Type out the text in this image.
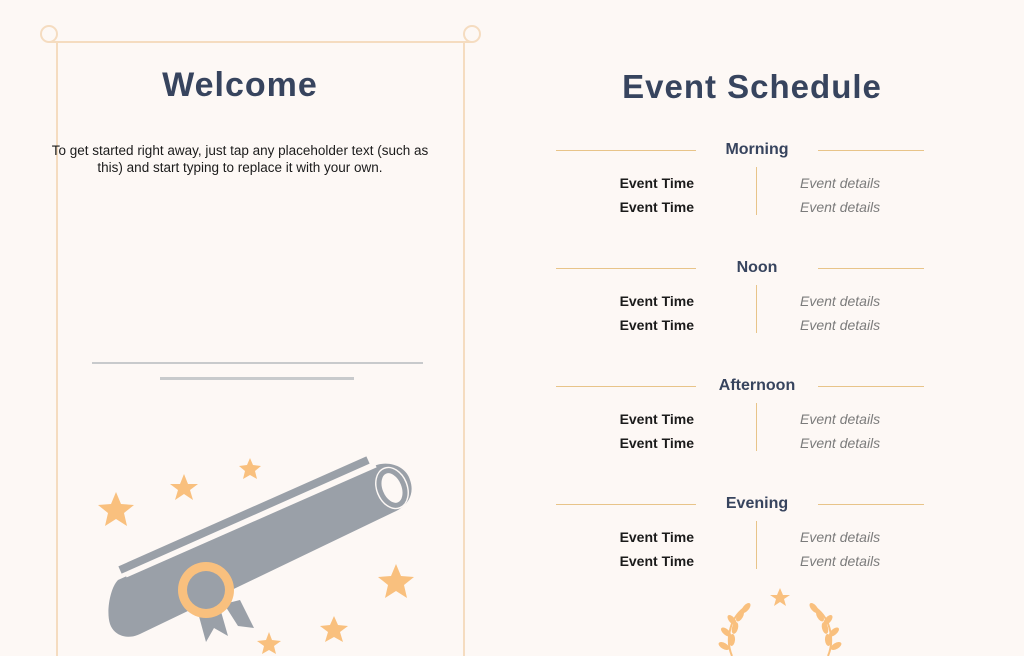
Welcome
To get started right away, just tap any placeholder text (such as this) and start typing to replace it with your own.
Event Schedule
Morning
Event Time	Event details
Event Time	Event details
Noon
Event Time	Event details
Event Time	Event details
Afternoon
Event Time	Event details
Event Time	Event details
Evening
Event Time	Event details
Event Time	Event details
